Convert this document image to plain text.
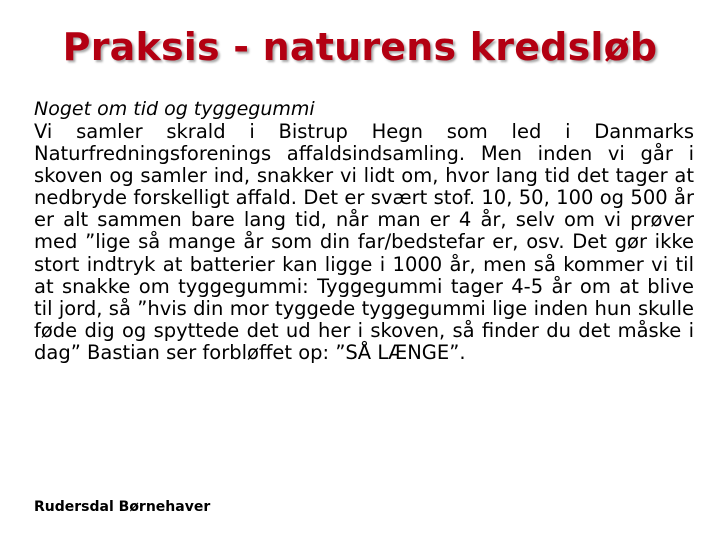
Praksis - naturens kredsløb

Noget om tid og tyggegummi

Vi samler skrald i Bistrup Hegn som led i Danmarks Naturfredningsforenings affaldsindsamling. Men inden vi går i skoven og samler ind, snakker vi lidt om, hvor lang tid det tager at nedbryde forskelligt affald. Det er svært stof. 10, 50, 100 og 500 år er alt sammen bare lang tid, når man er 4 år, selv om vi prøver med ”lige så mange år som din far/bedstefar er, osv. Det gør ikke stort indtryk at batterier kan ligge i 1000 år, men så kommer vi til at snakke om tyggegummi: Tyggegummi tager 4-5 år om at blive til jord, så ”hvis din mor tyggede tyggegummi lige inden hun skulle føde dig og spyttede det ud her i skoven, så finder du det måske i dag” Bastian ser forbløffet op: ”SÅ LÆNGE”.

Rudersdal Børnehaver
